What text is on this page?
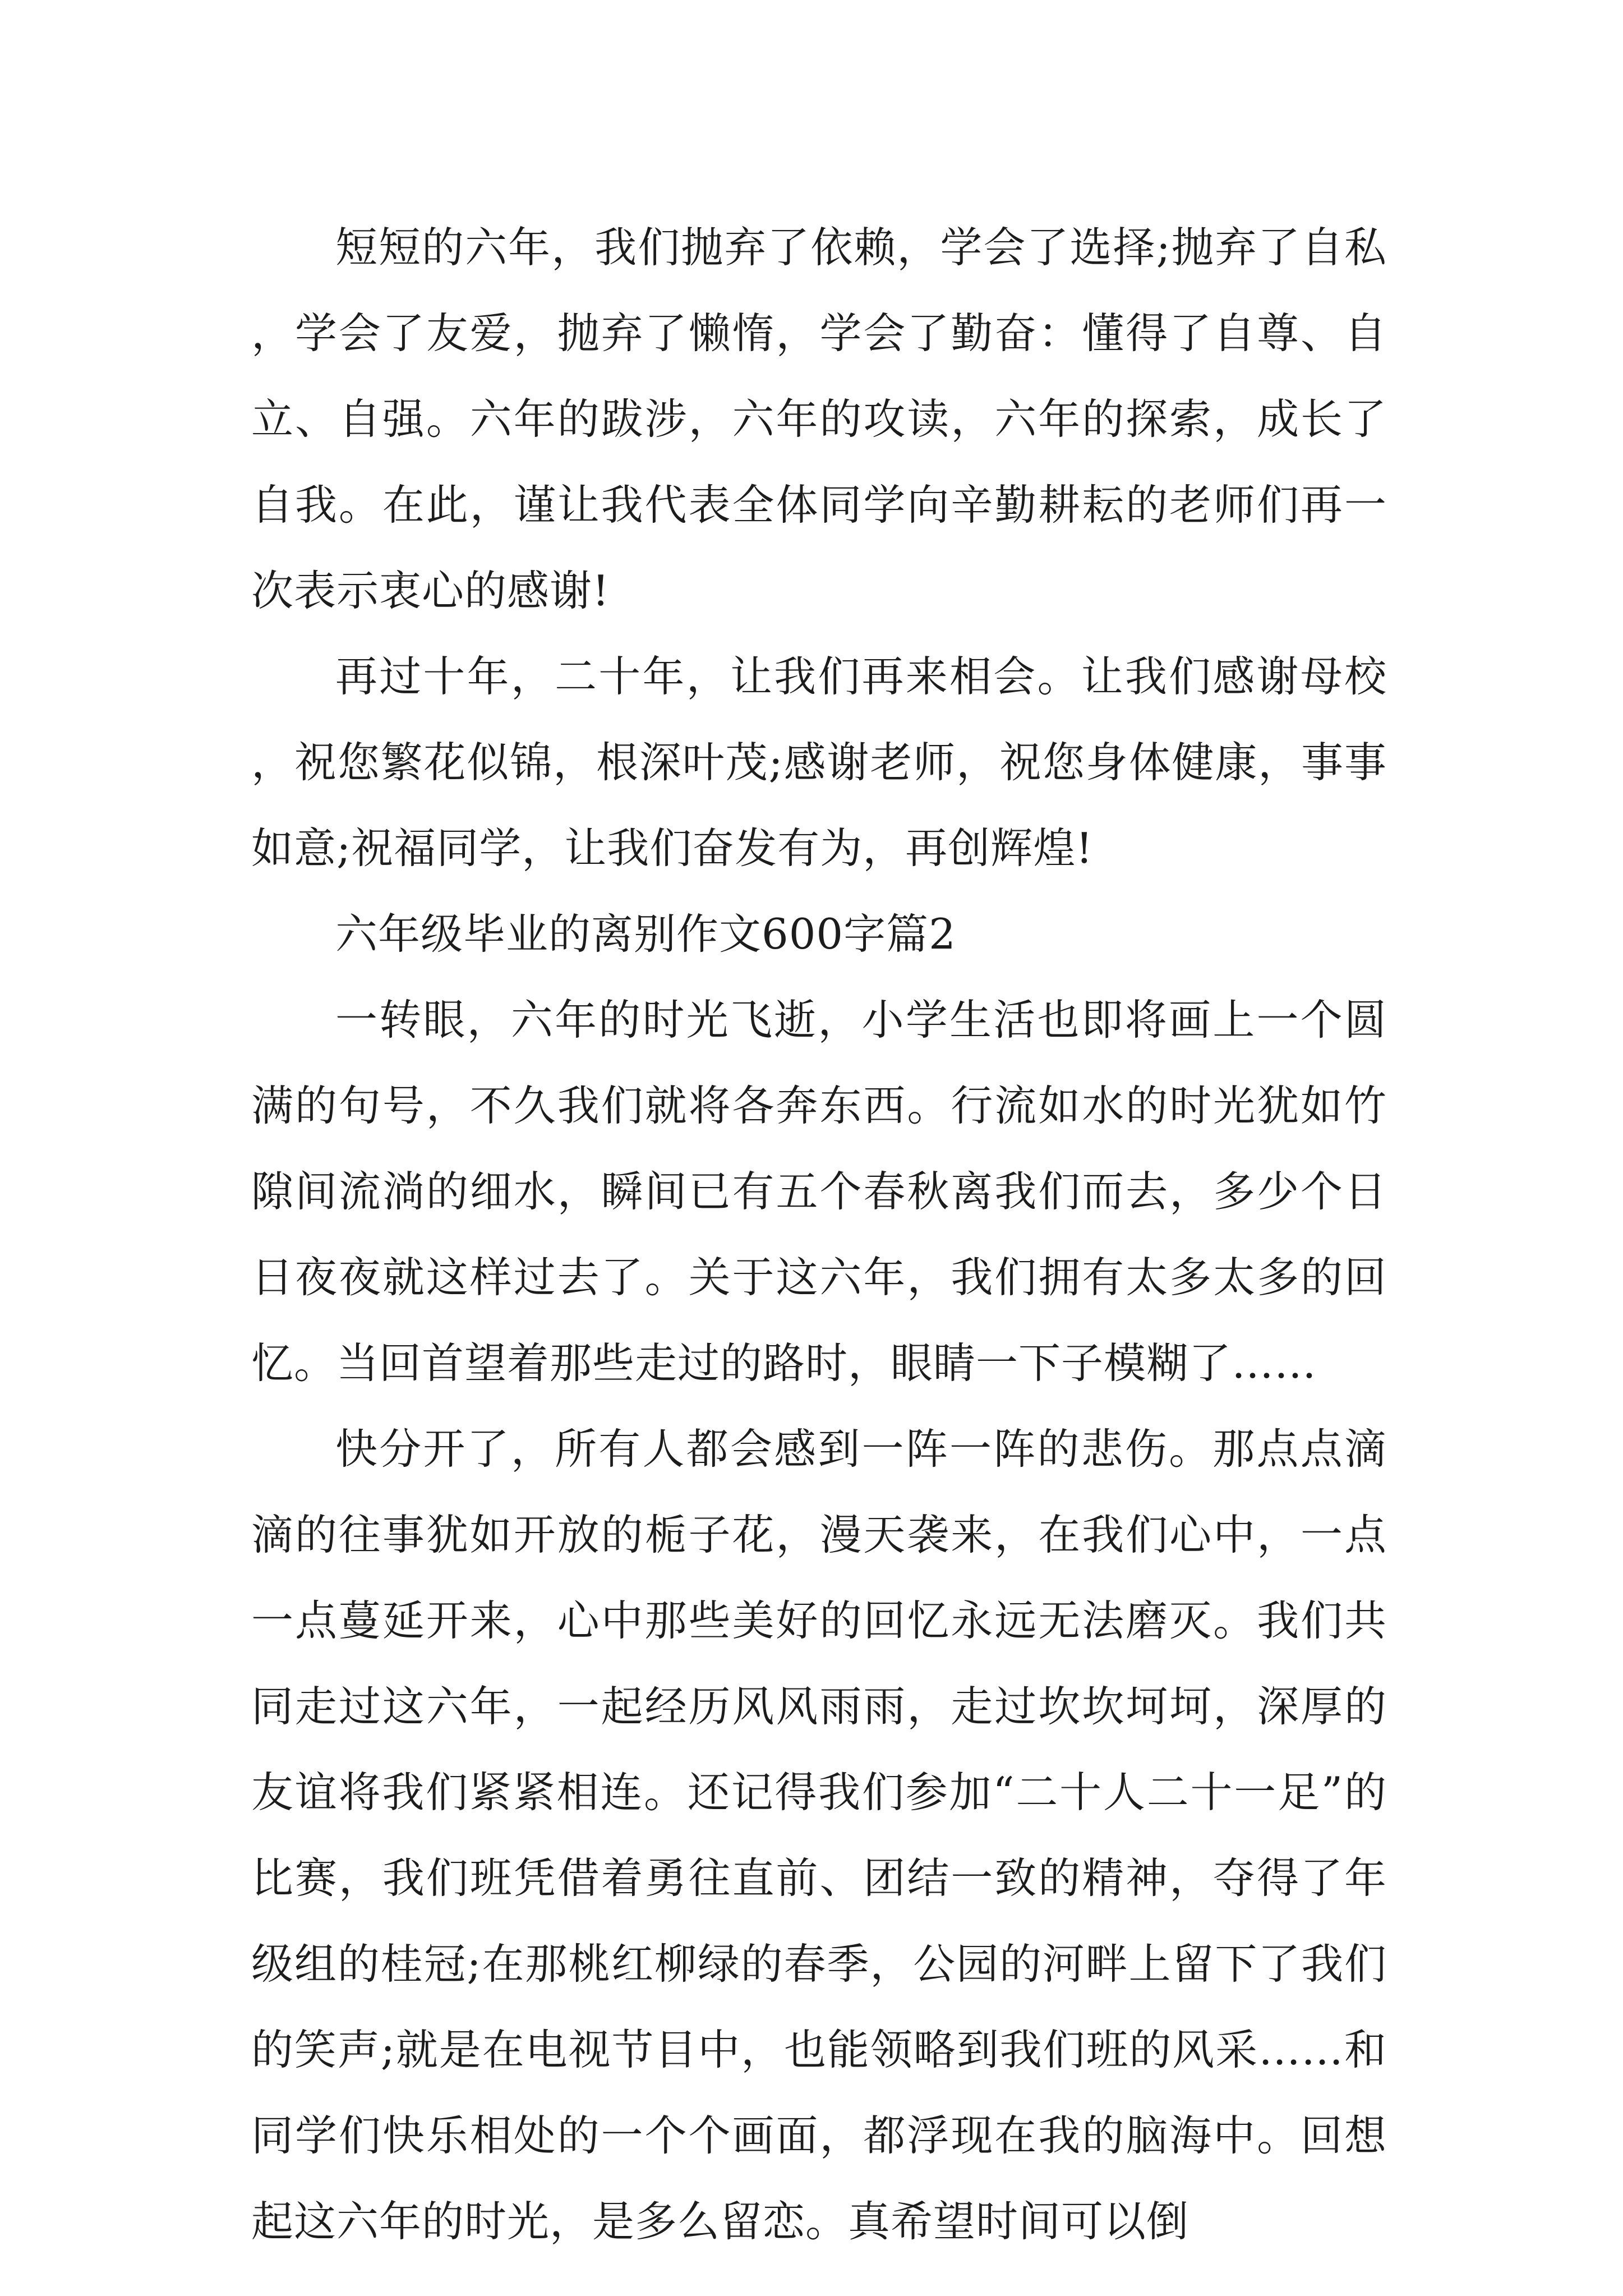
短短的六年，我们抛弃了依赖，学会了选择;抛弃了自私，学会了友爱，抛弃了懒惰，学会了勤奋：懂得了自尊、自立、自强。六年的跋涉，六年的攻读，六年的探索，成长了自我。在此，谨让我代表全体同学向辛勤耕耘的老师们再一次表示衷心的感谢!

再过十年，二十年，让我们再来相会。让我们感谢母校，祝您繁花似锦，根深叶茂;感谢老师，祝您身体健康，事事如意;祝福同学，让我们奋发有为，再创辉煌!

六年级毕业的离别作文600字篇2

一转眼，六年的时光飞逝，小学生活也即将画上一个圆满的句号，不久我们就将各奔东西。行流如水的时光犹如竹隙间流淌的细水，瞬间已有五个春秋离我们而去，多少个日日夜夜就这样过去了。关于这六年，我们拥有太多太多的回忆。当回首望着那些走过的路时，眼睛一下子模糊了……

快分开了，所有人都会感到一阵一阵的悲伤。那点点滴滴的往事犹如开放的栀子花，漫天袭来，在我们心中，一点一点蔓延开来，心中那些美好的回忆永远无法磨灭。我们共同走过这六年，一起经历风风雨雨，走过坎坎坷坷，深厚的友谊将我们紧紧相连。还记得我们参加“二十人二十一足”的比赛，我们班凭借着勇往直前、团结一致的精神，夺得了年级组的桂冠;在那桃红柳绿的春季，公园的河畔上留下了我们的笑声;就是在电视节目中，也能领略到我们班的风采……和同学们快乐相处的一个个画面，都浮现在我的脑海中。回想起这六年的时光，是多么留恋。真希望时间可以倒
